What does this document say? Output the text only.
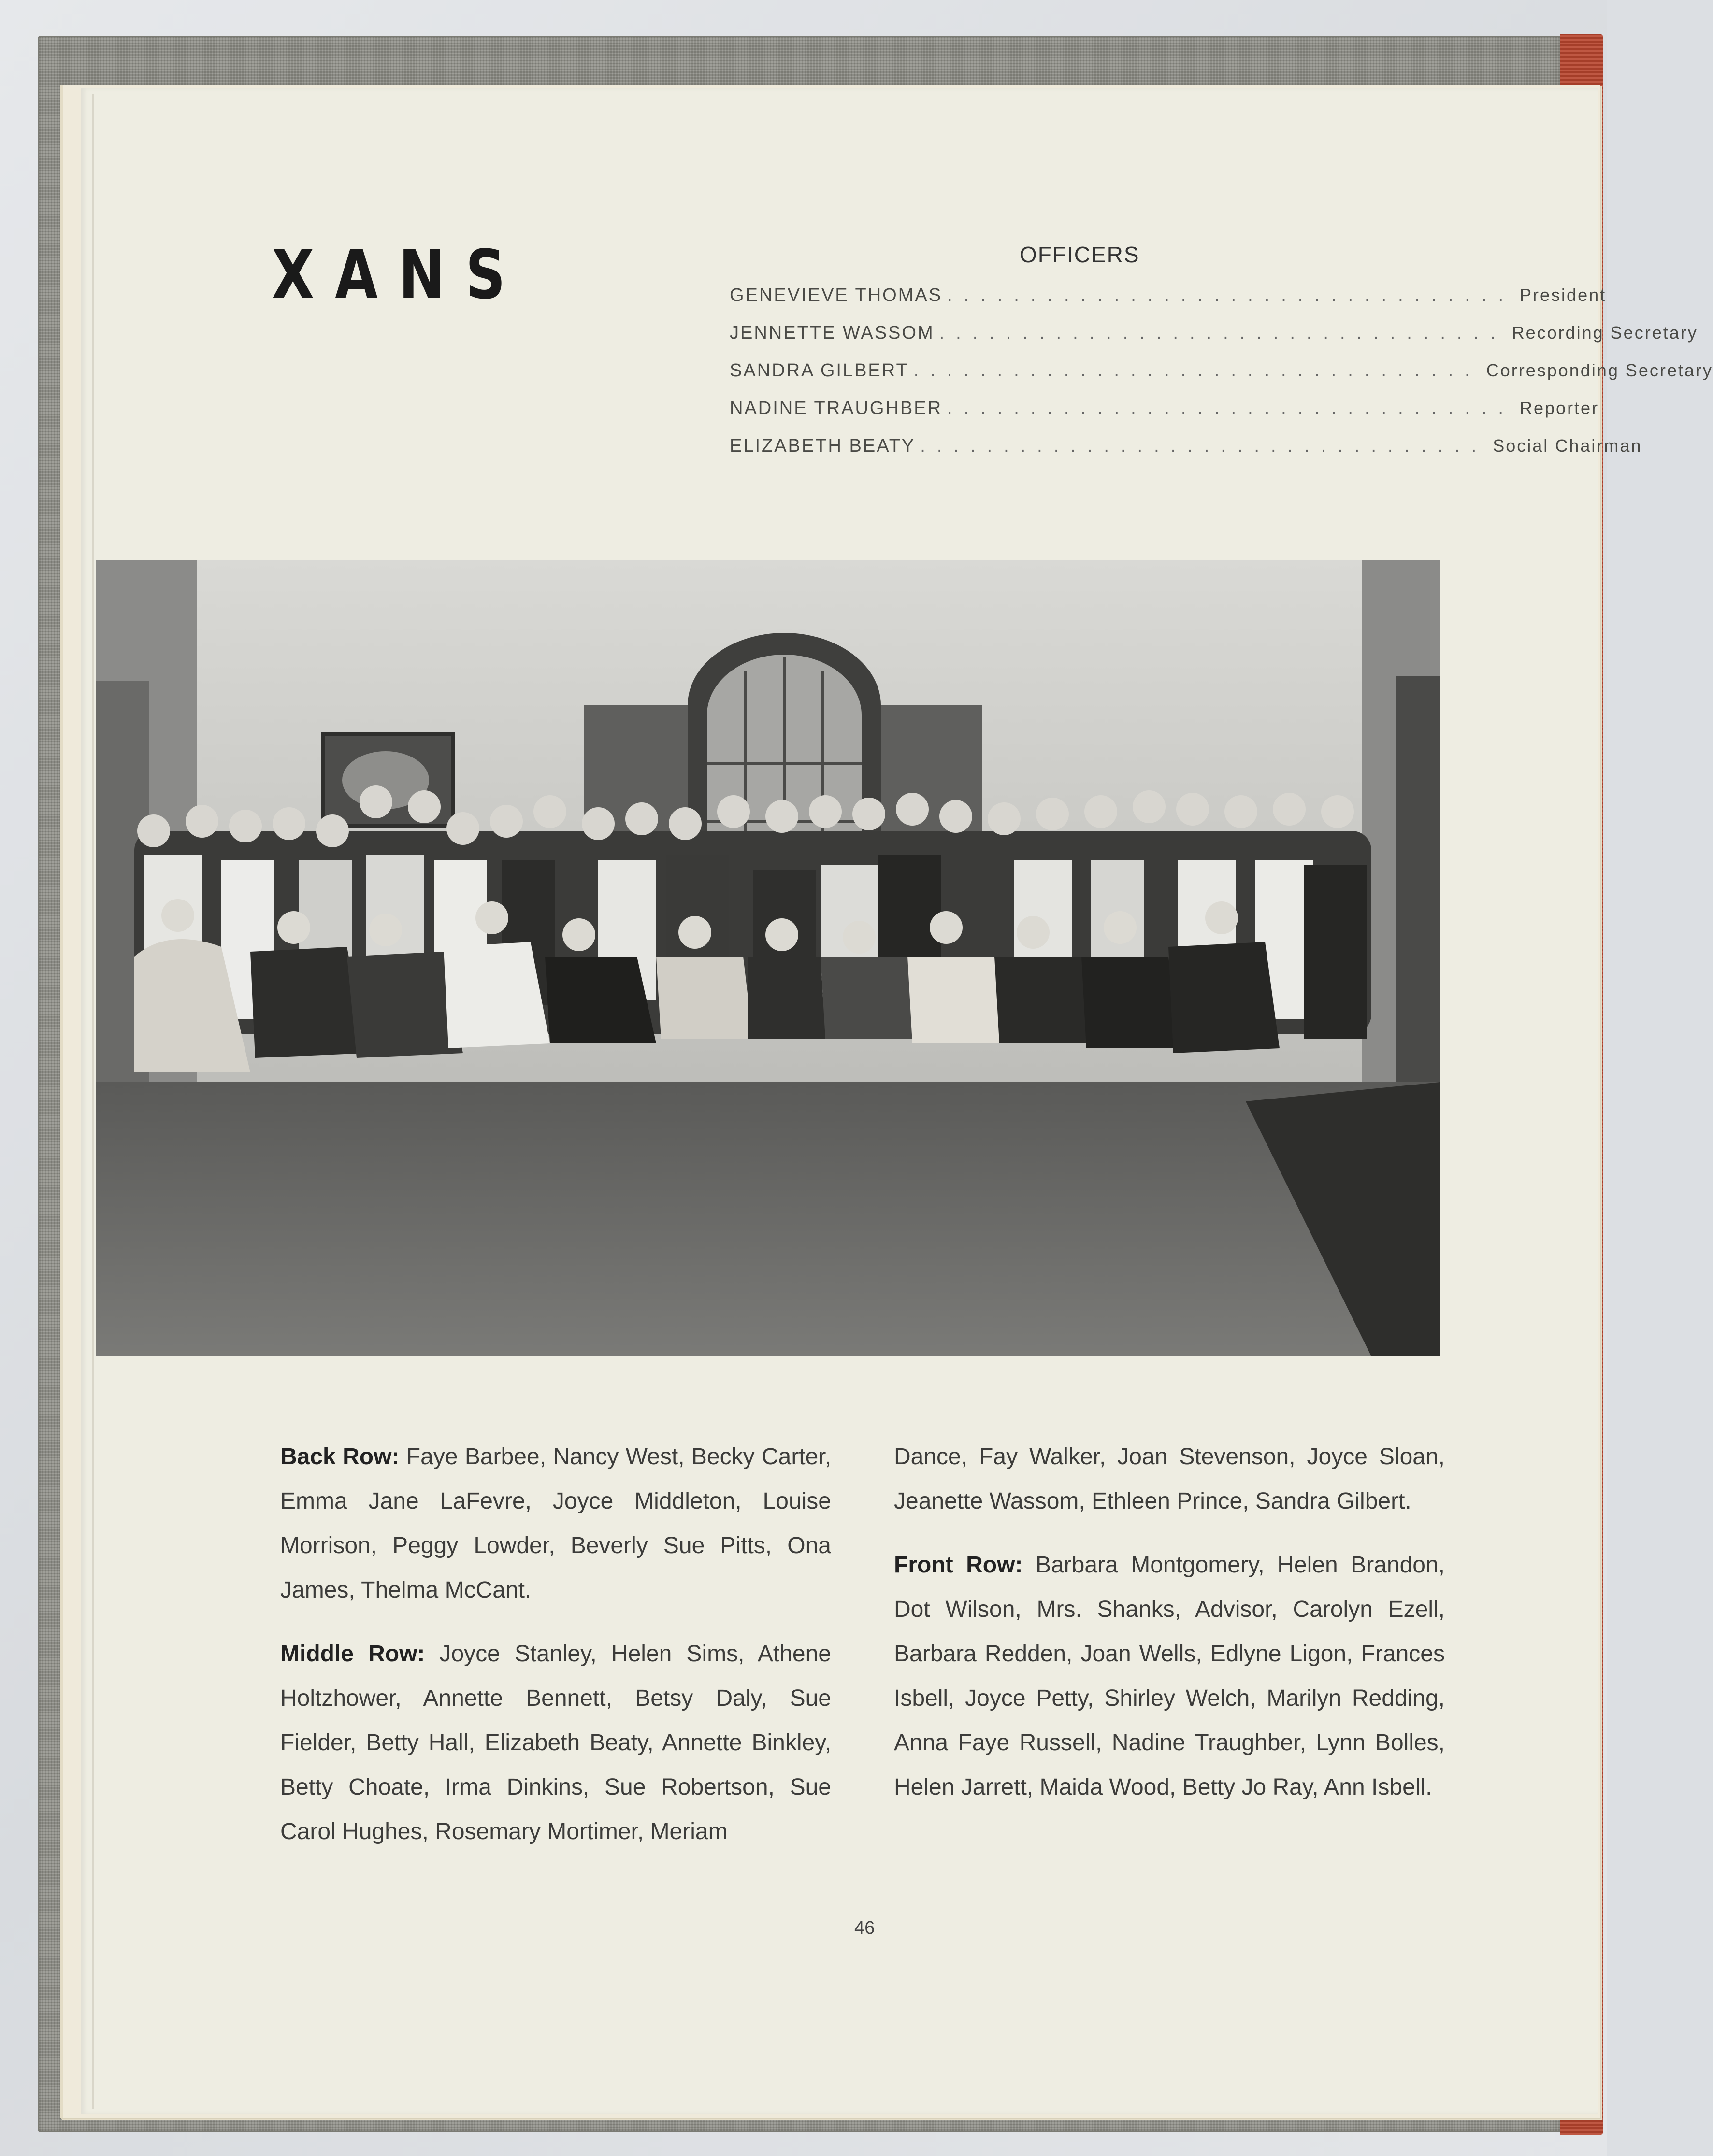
XANS	OFFICERS
GENEVIEVE THOMAS .................................. President
JENNETTE WASSOM .................................. Recording Secretary
SANDRA GILBERT .................................. Corresponding Secretary
NADINE TRAUGHBER .................................. Reporter
ELIZABETH BEATY .................................. Social Chairman

Back Row: Faye Barbee, Nancy West, Becky Carter, Emma Jane LaFevre, Joyce Middleton, Louise Morrison, Peggy Lowder, Beverly Sue Pitts, Ona James, Thelma McCant.

Middle Row: Joyce Stanley, Helen Sims, Athene Holtzhower, Annette Bennett, Betsy Daly, Sue Fielder, Betty Hall, Elizabeth Beaty, Annette Binkley, Betty Choate, Irma Dinkins, Sue Robertson, Sue Carol Hughes, Rosemary Mortimer, Meriam

Dance, Fay Walker, Joan Stevenson, Joyce Sloan, Jeanette Wassom, Ethleen Prince, Sandra Gilbert.

Front Row: Barbara Montgomery, Helen Brandon, Dot Wilson, Mrs. Shanks, Advisor, Carolyn Ezell, Barbara Redden, Joan Wells, Edlyne Ligon, Frances Isbell, Joyce Petty, Shirley Welch, Marilyn Redding, Anna Faye Russell, Nadine Traughber, Lynn Bolles, Helen Jarrett, Maida Wood, Betty Jo Ray, Ann Isbell.

46
